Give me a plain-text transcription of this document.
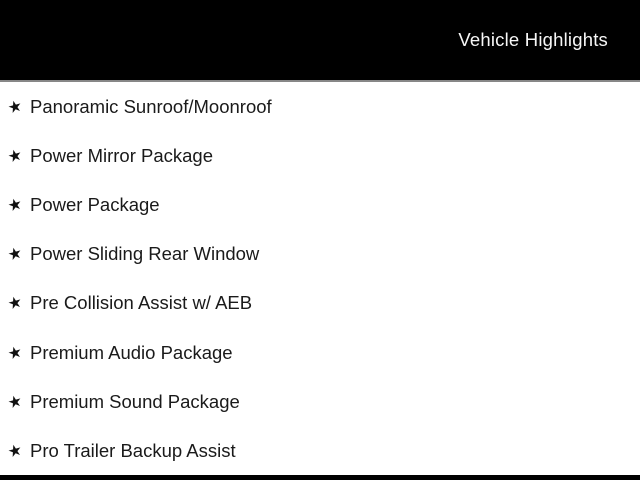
Vehicle Highlights
★ Panoramic Sunroof/Moonroof
★ Power Mirror Package
★ Power Package
★ Power Sliding Rear Window
★ Pre Collision Assist w/ AEB
★ Premium Audio Package
★ Premium Sound Package
★ Pro Trailer Backup Assist
